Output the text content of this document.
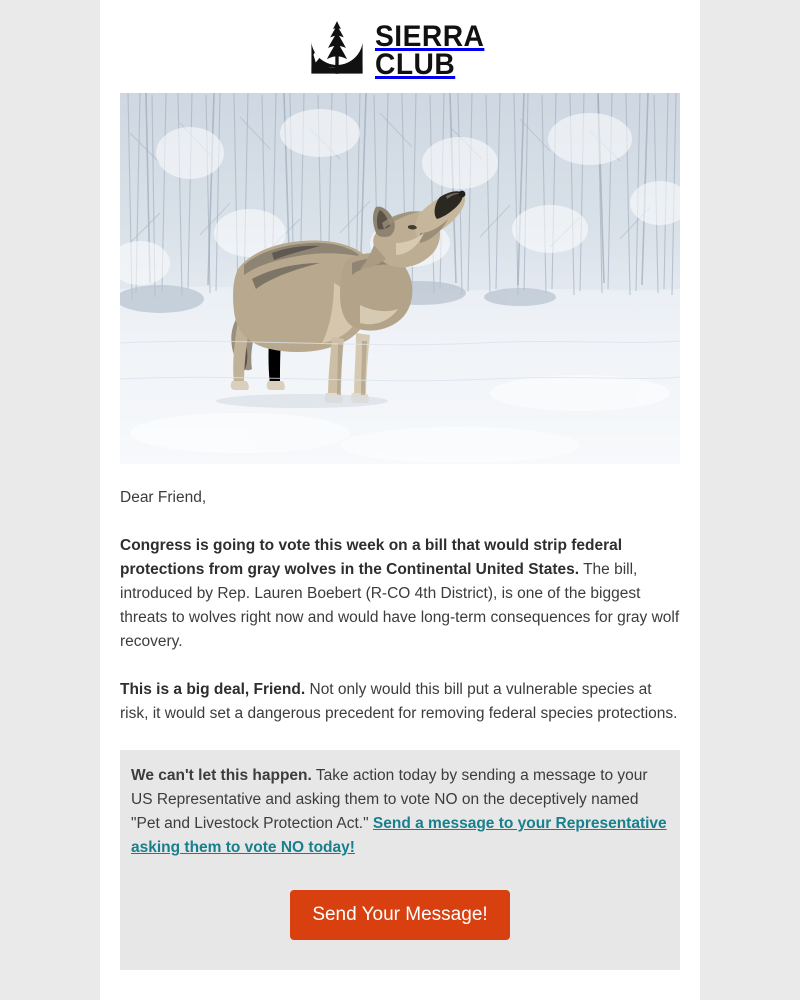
SIERRA
CLUB

Dear Friend,

Congress is going to vote this week on a bill that would strip federal protections from gray wolves in the Continental United States. The bill, introduced by Rep. Lauren Boebert (R-CO 4th District), is one of the biggest threats to wolves right now and would have long-term consequences for gray wolf recovery.

This is a big deal, Friend. Not only would this bill put a vulnerable species at risk, it would set a dangerous precedent for removing federal species protections.

We can't let this happen. Take action today by sending a message to your US Representative and asking them to vote NO on the deceptively named "Pet and Livestock Protection Act." Send a message to your Representative asking them to vote NO today!

Send Your Message!
